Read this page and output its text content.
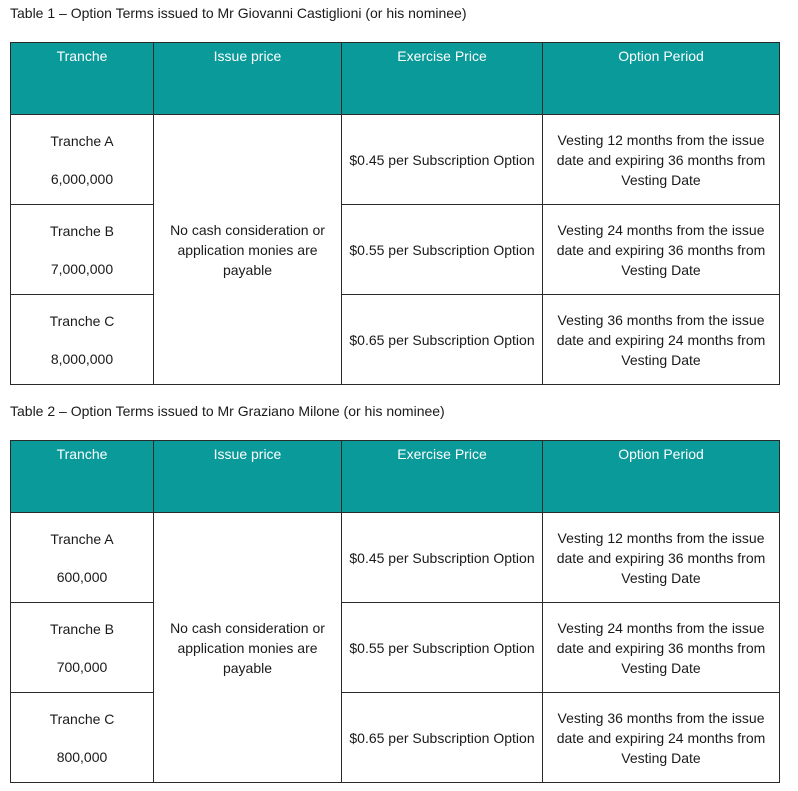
Table 1 – Option Terms issued to Mr Giovanni Castiglioni (or his nominee)
Tranche	Issue price	Exercise Price	Option Period

Tranche A
6,000,000	No cash consideration or application monies are payable	$0.45 per Subscription Option	Vesting 12 months from the issue date and expiring 36 months from Vesting Date

Tranche B
7,000,000		$0.55 per Subscription Option	Vesting 24 months from the issue date and expiring 36 months from Vesting Date

Tranche C
8,000,000		$0.65 per Subscription Option	Vesting 36 months from the issue date and expiring 24 months from Vesting Date
Table 2 – Option Terms issued to Mr Graziano Milone (or his nominee)
Tranche	Issue price	Exercise Price	Option Period

Tranche A
600,000	No cash consideration or application monies are payable	$0.45 per Subscription Option	Vesting 12 months from the issue date and expiring 36 months from Vesting Date

Tranche B
700,000		$0.55 per Subscription Option	Vesting 24 months from the issue date and expiring 36 months from Vesting Date

Tranche C
800,000		$0.65 per Subscription Option	Vesting 36 months from the issue date and expiring 24 months from Vesting Date
